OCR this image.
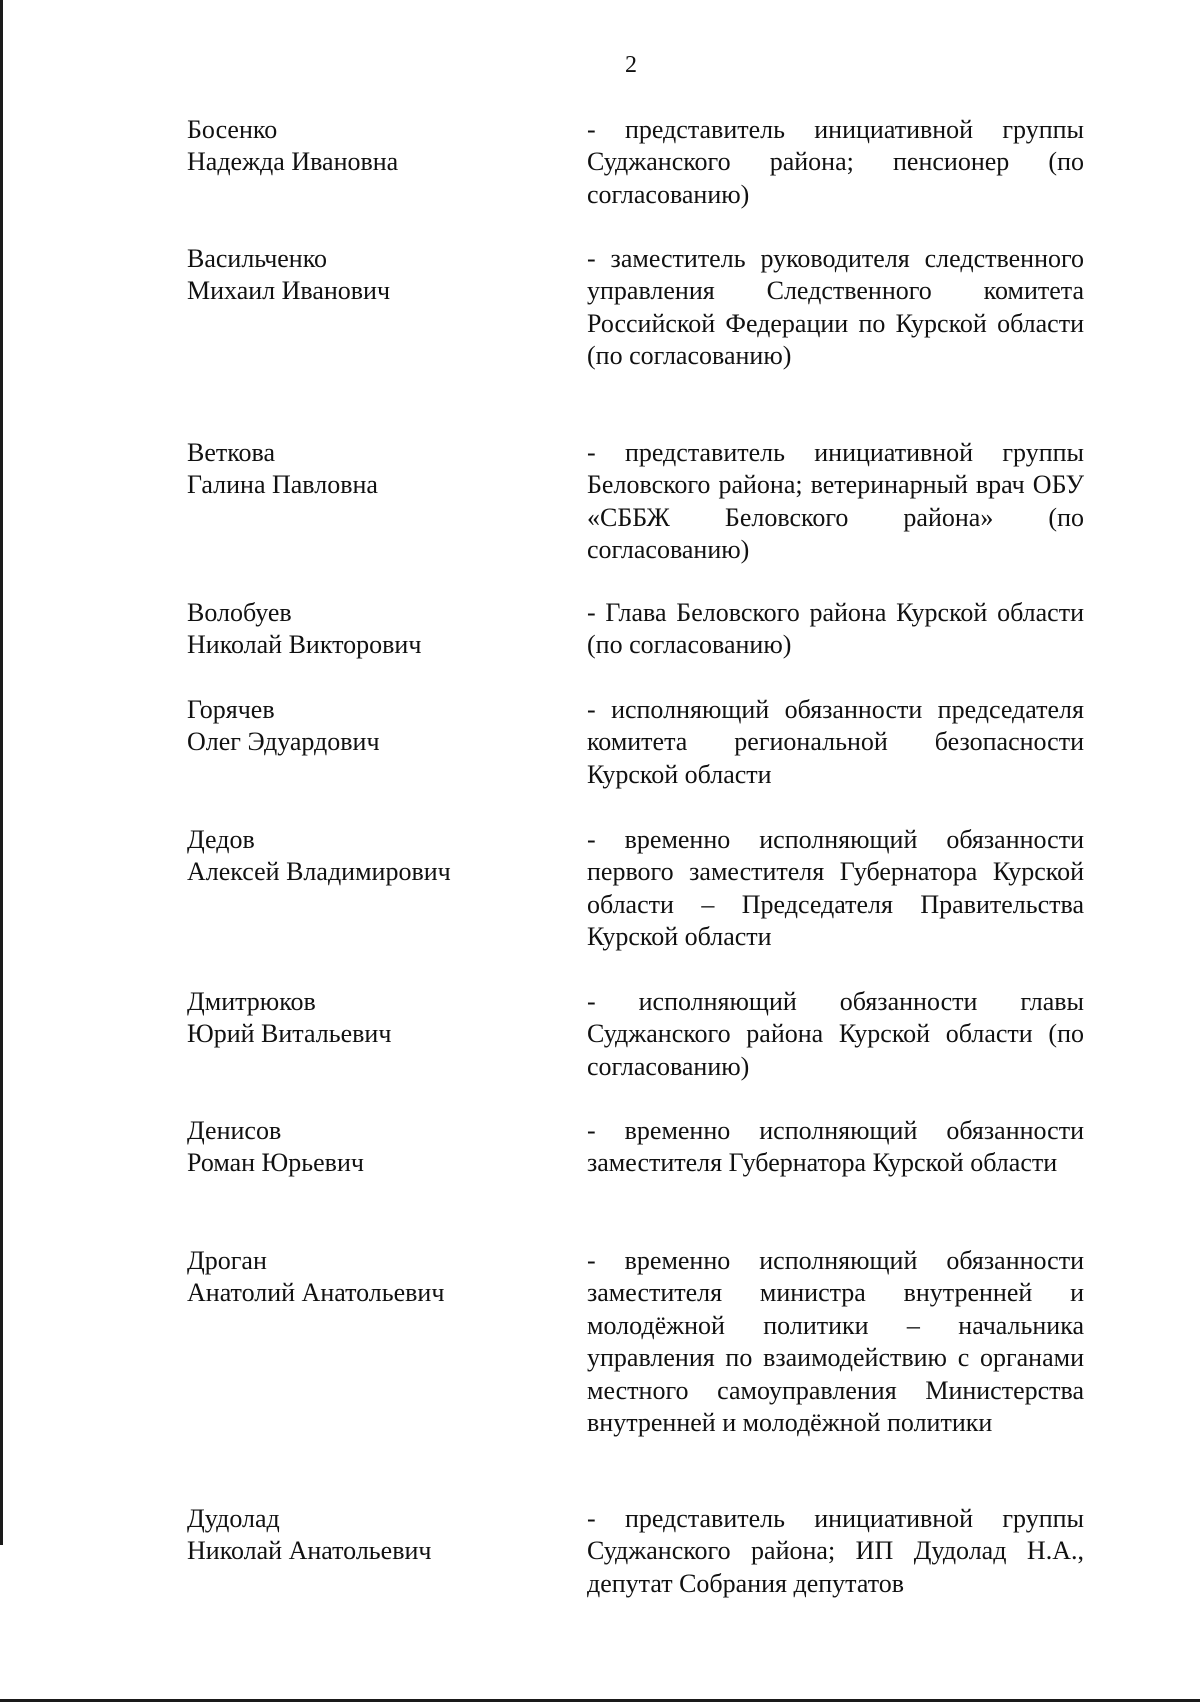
2
Босенко
Надежда Ивановна
- представитель инициативной группы Суджанского района; пенсионер (по согласованию)
Васильченко
Михаил Иванович
- заместитель руководителя следственного управления Следственного комитета Российской Федерации по Курской области (по согласованию)
Веткова
Галина Павловна
- представитель инициативной группы Беловского района; ветеринарный врач ОБУ «СББЖ Беловского района» (по согласованию)
Волобуев
Николай Викторович
- Глава Беловского района Курской области (по согласованию)
Горячев
Олег Эдуардович
- исполняющий обязанности председателя комитета региональной безопасности Курской области
Дедов
Алексей Владимирович
- временно исполняющий обязанности первого заместителя Губернатора Курской области – Председателя Правительства Курской области
Дмитрюков
Юрий Витальевич
- исполняющий обязанности главы Суджанского района Курской области (по согласованию)
Денисов
Роман Юрьевич
- временно исполняющий обязанности заместителя Губернатора Курской области
Дроган
Анатолий Анатольевич
- временно исполняющий обязанности заместителя министра внутренней и молодёжной политики – начальника управления по взаимодействию с органами местного самоуправления Министерства внутренней и молодёжной политики
Дудолад
Николай Анатольевич
- представитель инициативной группы Суджанского района; ИП Дудолад Н.А., депутат Собрания депутатов
